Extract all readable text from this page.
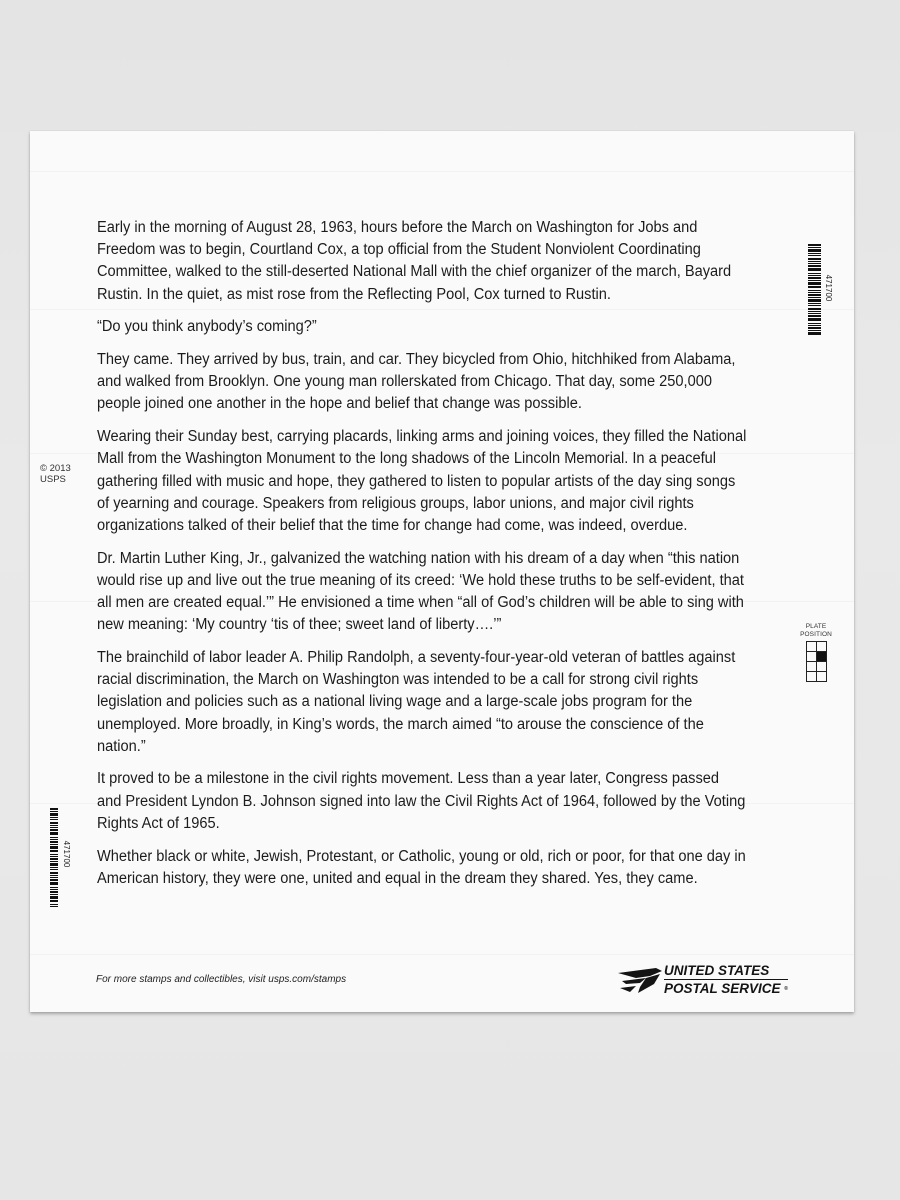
Early in the morning of August 28, 1963, hours before the March on Washington for Jobs and Freedom was to begin, Courtland Cox, a top official from the Student Nonviolent Coordinating Committee, walked to the still-deserted National Mall with the chief organizer of the march, Bayard Rustin. In the quiet, as mist rose from the Reflecting Pool, Cox turned to Rustin.

“Do you think anybody’s coming?”

They came. They arrived by bus, train, and car. They bicycled from Ohio, hitchhiked from Alabama, and walked from Brooklyn. One young man rollerskated from Chicago. That day, some 250,000 people joined one another in the hope and belief that change was possible.

Wearing their Sunday best, carrying placards, linking arms and joining voices, they filled the National Mall from the Washington Monument to the long shadows of the Lincoln Memorial. In a peaceful gathering filled with music and hope, they gathered to listen to popular artists of the day sing songs of yearning and courage. Speakers from religious groups, labor unions, and major civil rights organizations talked of their belief that the time for change had come, was indeed, overdue.

Dr. Martin Luther King, Jr., galvanized the watching nation with his dream of a day when “this nation would rise up and live out the true meaning of its creed: ‘We hold these truths to be self-evident, that all men are created equal.’” He envisioned a time when “all of God’s children will be able to sing with new meaning: ‘My country ‘tis of thee; sweet land of liberty….’”

The brainchild of labor leader A. Philip Randolph, a seventy-four-year-old veteran of battles against racial discrimination, the March on Washington was intended to be a call for strong civil rights legislation and policies such as a national living wage and a large-scale jobs program for the unemployed. More broadly, in King’s words, the march aimed “to arouse the conscience of the nation.”

It proved to be a milestone in the civil rights movement. Less than a year later, Congress passed and President Lyndon B. Johnson signed into law the Civil Rights Act of 1964, followed by the Voting Rights Act of 1965.

Whether black or white, Jewish, Protestant, or Catholic, young or old, rich or poor, for that one day in American history, they were one, united and equal in the dream they shared. Yes, they came.

© 2013
USPS
471700
471700
PLATE
POSITION
For more stamps and collectibles, visit usps.com/stamps
UNITED STATES
POSTAL SERVICE ®
